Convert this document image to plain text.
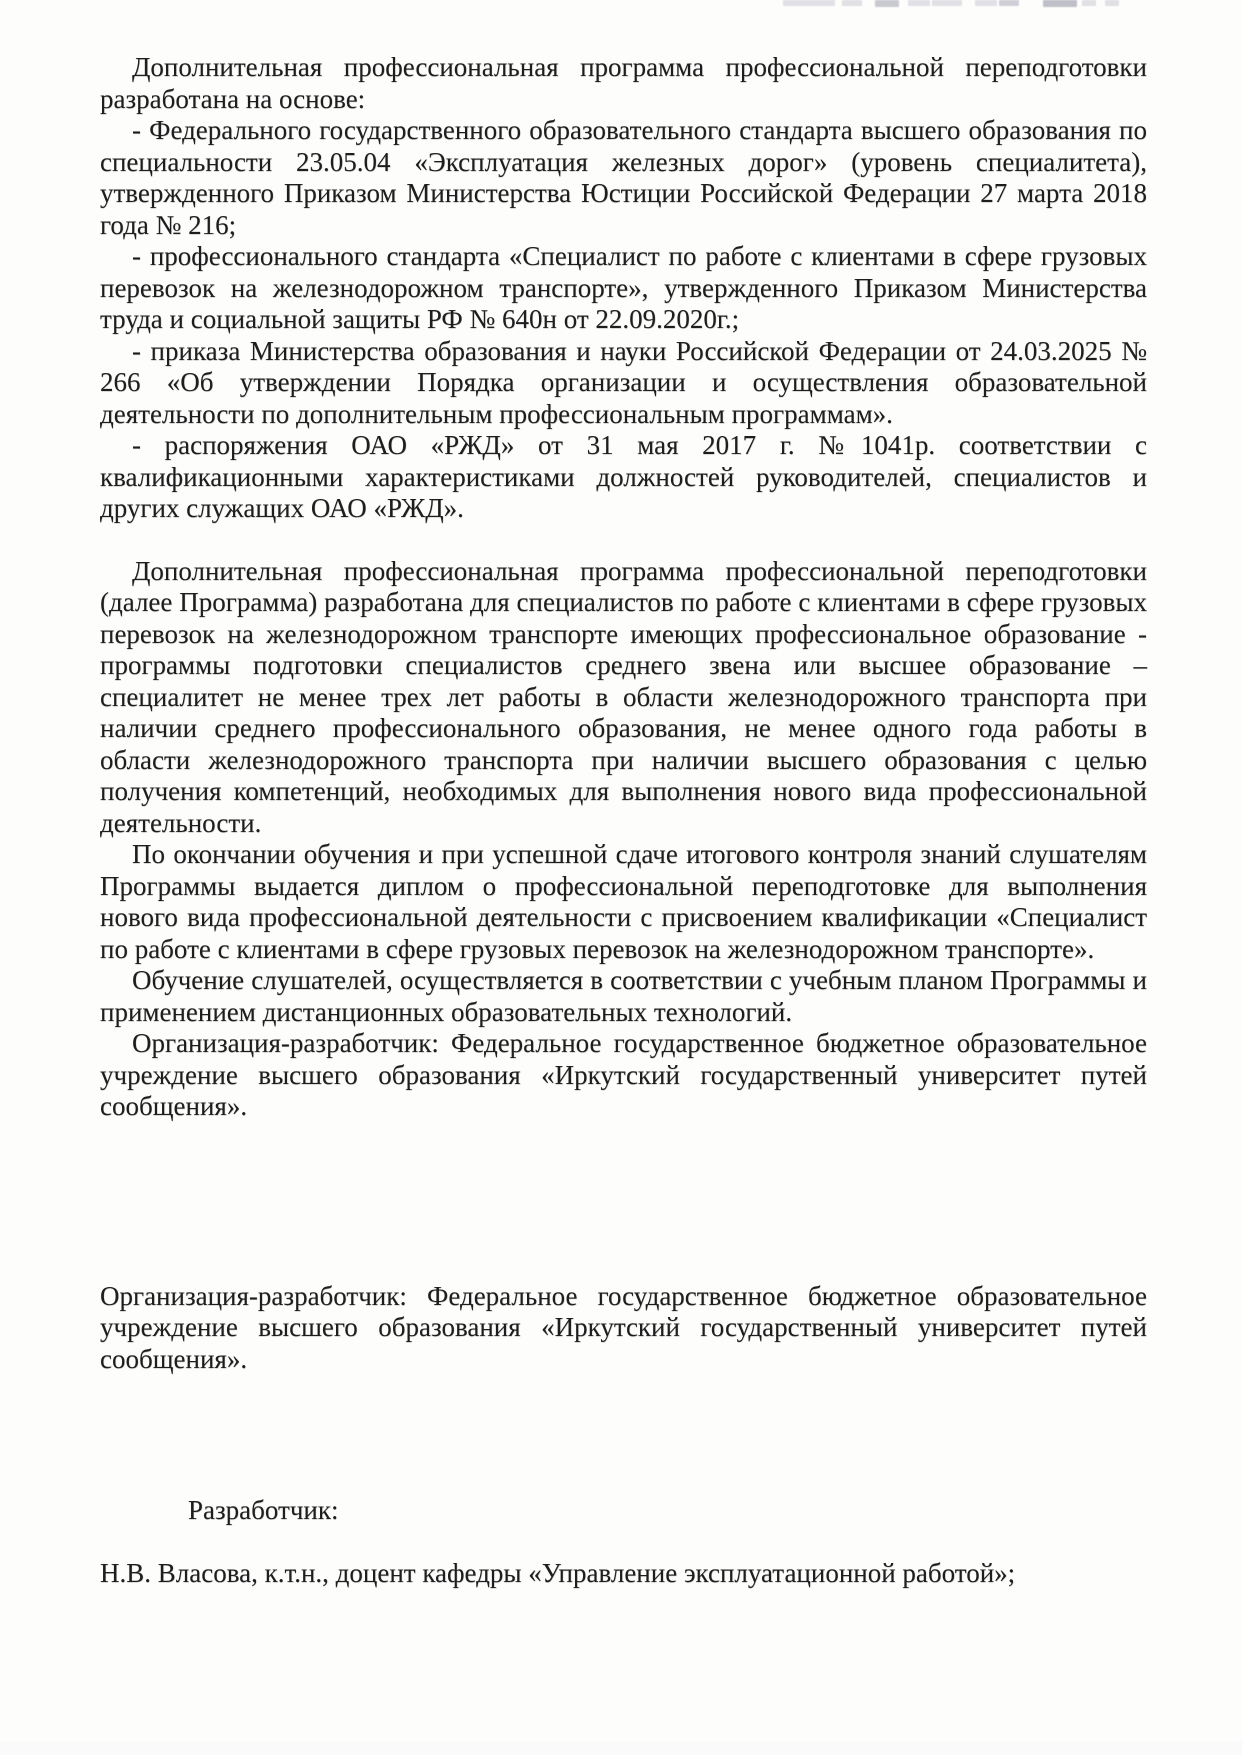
Дополнительная профессиональная программа профессиональной переподготовки разработана на основе:

- Федерального государственного образовательного стандарта высшего образования по специальности 23.05.04 «Эксплуатация железных дорог» (уровень специалитета), утвержденного Приказом Министерства Юстиции Российской Федерации 27 марта 2018 года № 216;

- профессионального стандарта «Специалист по работе с клиентами в сфере грузовых перевозок на железнодорожном транспорте», утвержденного Приказом Министерства труда и социальной защиты РФ № 640н от 22.09.2020г.;

- приказа Министерства образования и науки Российской Федерации от 24.03.2025 № 266 «Об утверждении Порядка организации и осуществления образовательной деятельности по дополнительным профессиональным программам».

- распоряжения ОАО «РЖД» от 31 мая 2017 г. №1041р. соответствии с квалификационными характеристиками должностей руководителей, специалистов и других служащих ОАО «РЖД».

Дополнительная профессиональная программа профессиональной переподготовки (далее Программа) разработана для специалистов по работе с клиентами в сфере грузовых перевозок на железнодорожном транспорте имеющих профессиональное образование - программы подготовки специалистов среднего звена или высшее образование – специалитет не менее трех лет работы в области железнодорожного транспорта при наличии среднего профессионального образования, не менее одного года работы в области железнодорожного транспорта при наличии высшего образования с целью получения компетенций, необходимых для выполнения нового вида профессиональной деятельности.

По окончании обучения и при успешной сдаче итогового контроля знаний слушателям Программы выдается диплом о профессиональной переподготовке для выполнения нового вида профессиональной деятельности с присвоением квалификации «Специалист по работе с клиентами в сфере грузовых перевозок на железнодорожном транспорте».

Обучение слушателей, осуществляется в соответствии с учебным планом Программы и применением дистанционных образовательных технологий.

Организация-разработчик: Федеральное государственное бюджетное образовательное учреждение высшего образования «Иркутский государственный университет путей сообщения».

Организация-разработчик: Федеральное государственное бюджетное образовательное учреждение высшего образования «Иркутский государственный университет путей сообщения».

Разработчик:

Н.В. Власова, к.т.н., доцент кафедры «Управление эксплуатационной работой»;
